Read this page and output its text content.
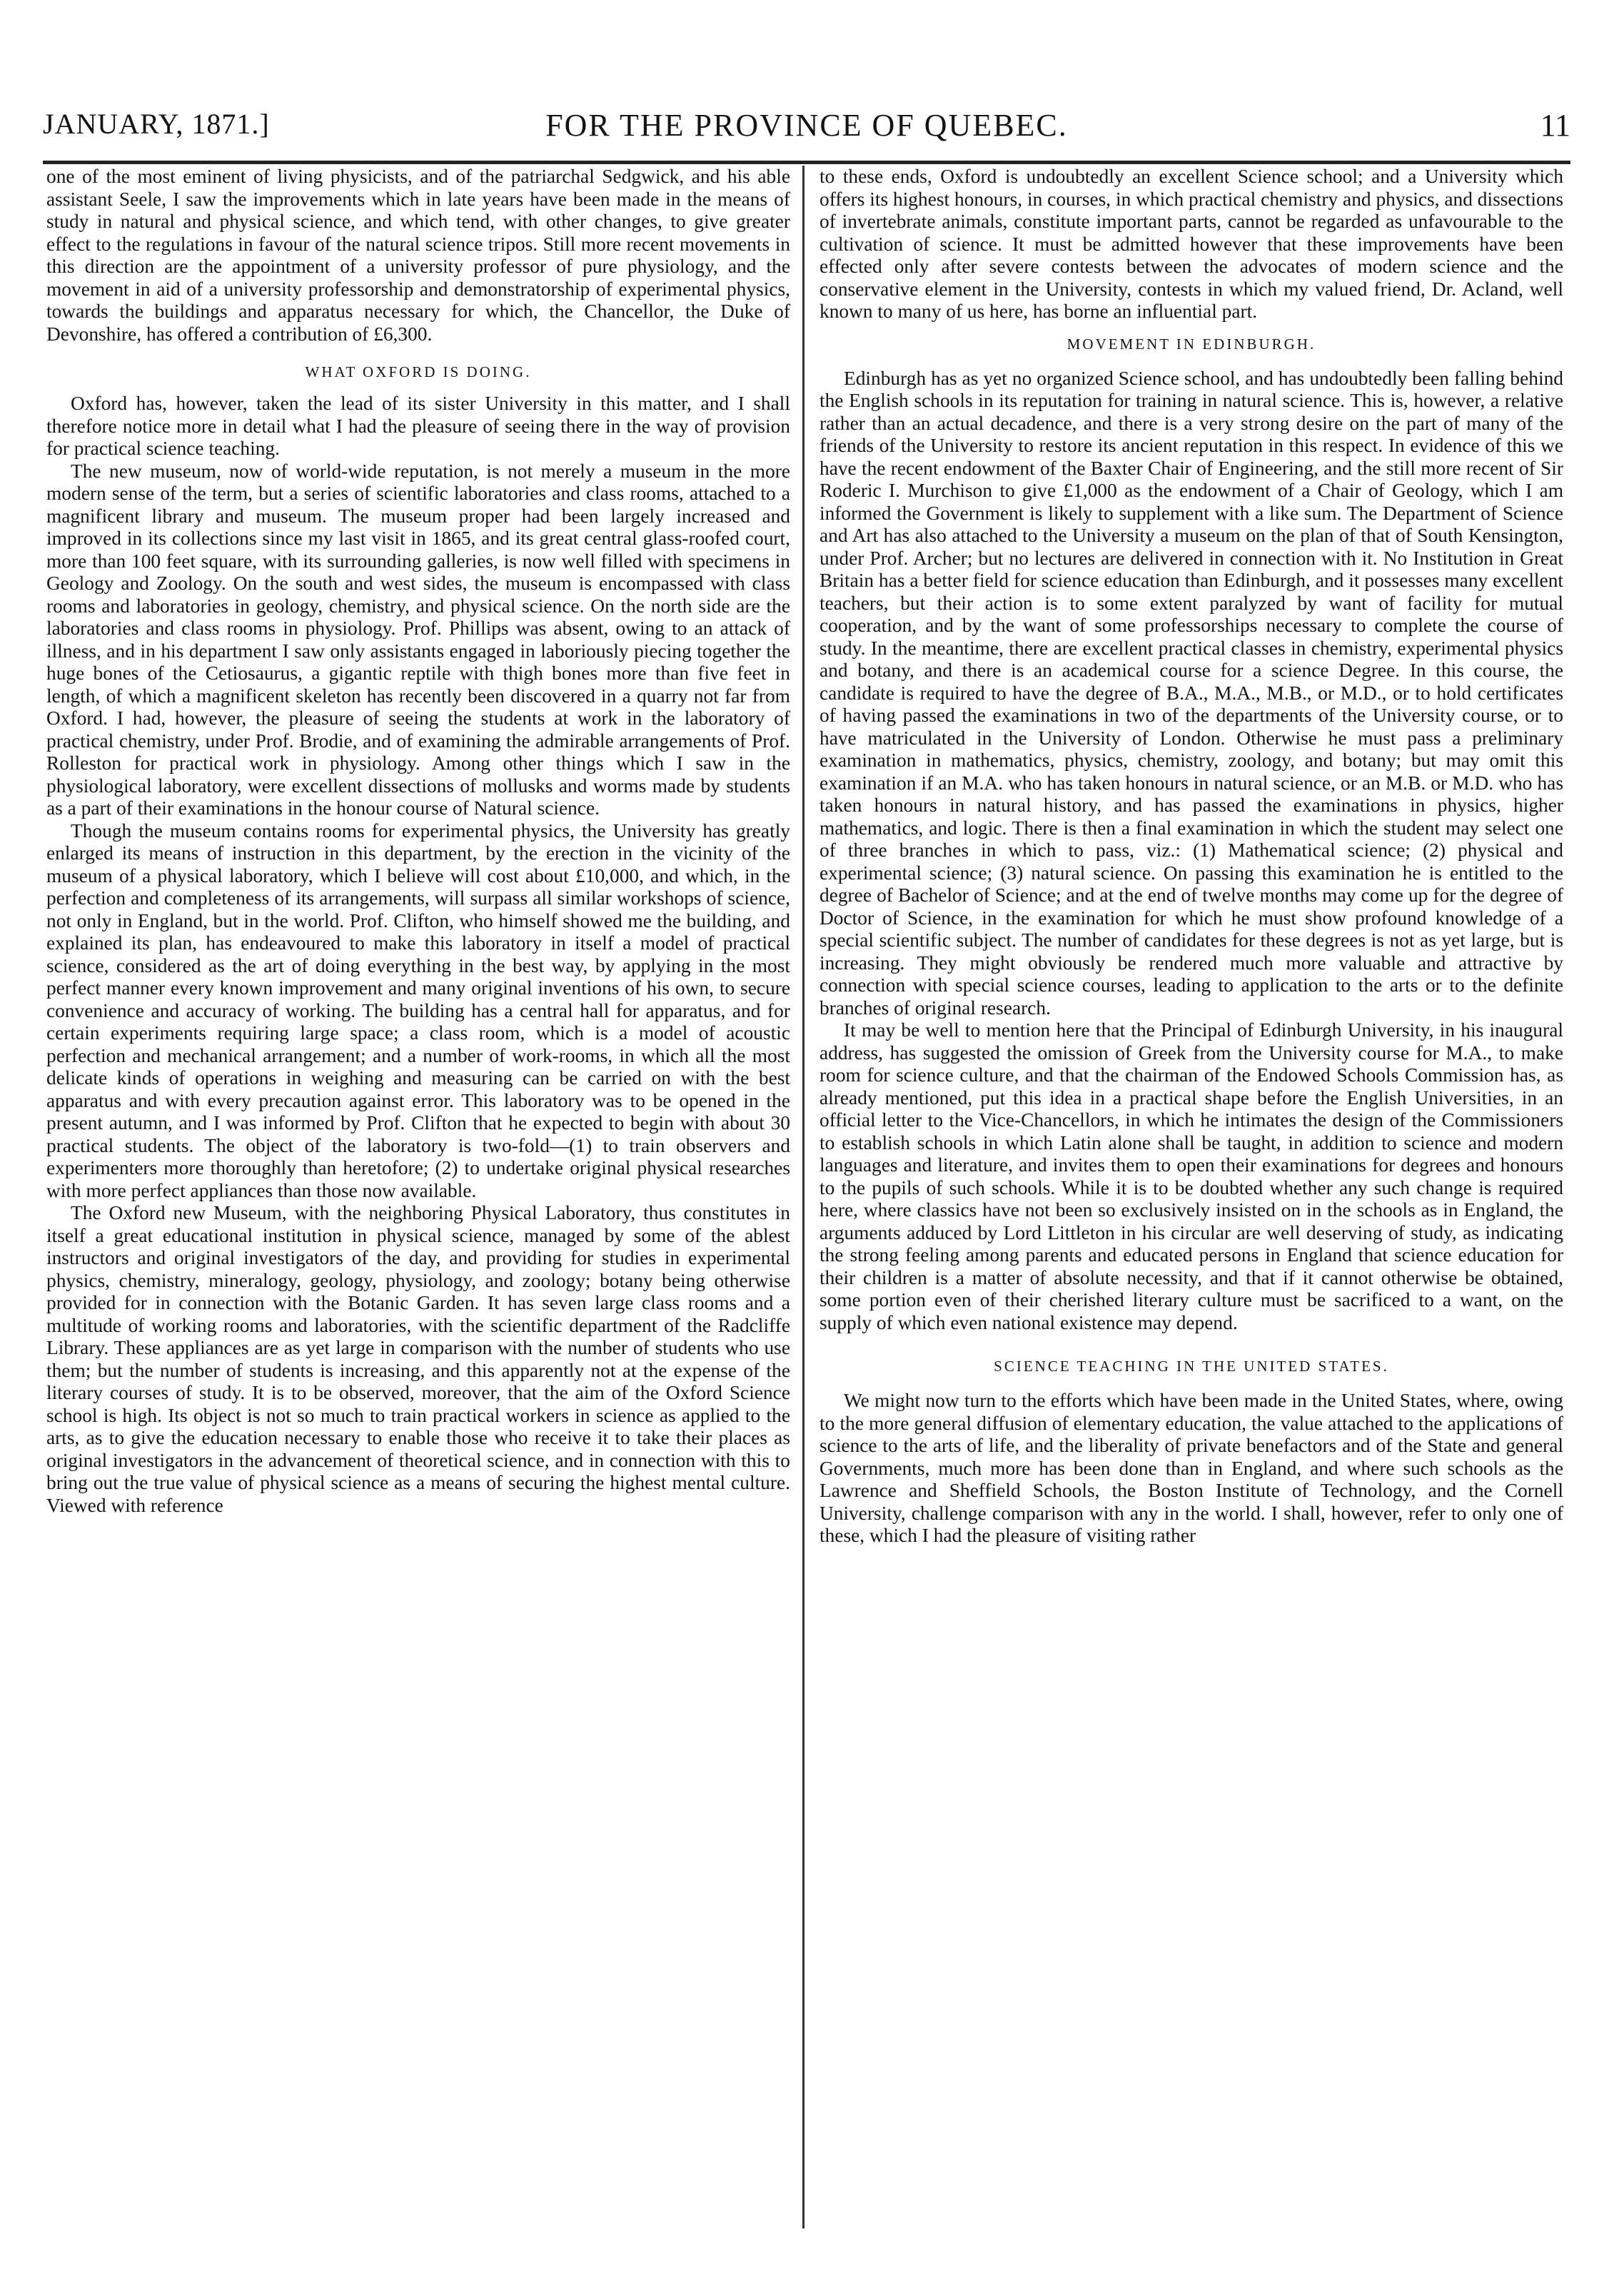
JANUARY, 1871.]	FOR THE PROVINCE OF QUEBEC.	11

one of the most eminent of living physicists, and of the patriarchal Sedgwick, and his able assistant Seele, I saw the improvements which in late years have been made in the means of study in natural and physical science, and which tend, with other changes, to give greater effect to the regulations in favour of the natural science tripos. Still more recent movements in this direction are the appointment of a university professor of pure physiology, and the movement in aid of a university professorship and demonstratorship of experimental physics, towards the buildings and apparatus necessary for which, the Chancellor, the Duke of Devonshire, has offered a contribution of £6,300.

WHAT OXFORD IS DOING.

Oxford has, however, taken the lead of its sister University in this matter, and I shall therefore notice more in detail what I had the pleasure of seeing there in the way of provision for practical science teaching.

The new museum, now of world-wide reputation, is not merely a museum in the more modern sense of the term, but a series of scientific laboratories and class rooms, attached to a magnificent library and museum. The museum proper had been largely increased and improved in its collections since my last visit in 1865, and its great central glass-roofed court, more than 100 feet square, with its surrounding galleries, is now well filled with specimens in Geology and Zoology. On the south and west sides, the museum is encompassed with class rooms and laboratories in geology, chemistry, and physical science. On the north side are the laboratories and class rooms in physiology. Prof. Phillips was absent, owing to an attack of illness, and in his department I saw only assistants engaged in laboriously piecing together the huge bones of the Cetiosaurus, a gigantic reptile with thigh bones more than five feet in length, of which a magnificent skeleton has recently been discovered in a quarry not far from Oxford. I had, however, the pleasure of seeing the students at work in the laboratory of practical chemistry, under Prof. Brodie, and of examining the admirable arrangements of Prof. Rolleston for practical work in physiology. Among other things which I saw in the physiological laboratory, were excellent dissections of mollusks and worms made by students as a part of their examinations in the honour course of Natural science.

Though the museum contains rooms for experimental physics, the University has greatly enlarged its means of instruction in this department, by the erection in the vicinity of the museum of a physical laboratory, which I believe will cost about £10,000, and which, in the perfection and completeness of its arrangements, will surpass all similar workshops of science, not only in England, but in the world. Prof. Clifton, who himself showed me the building, and explained its plan, has endeavoured to make this laboratory in itself a model of practical science, considered as the art of doing everything in the best way, by applying in the most perfect manner every known improvement and many original inventions of his own, to secure convenience and accuracy of working. The building has a central hall for apparatus, and for certain experiments requiring large space; a class room, which is a model of acoustic perfection and mechanical arrangement; and a number of work-rooms, in which all the most delicate kinds of operations in weighing and measuring can be carried on with the best apparatus and with every precaution against error. This laboratory was to be opened in the present autumn, and I was informed by Prof. Clifton that he expected to begin with about 30 practical students. The object of the laboratory is two-fold—(1) to train observers and experimenters more thoroughly than heretofore; (2) to undertake original physical researches with more perfect appliances than those now available.

The Oxford new Museum, with the neighboring Physical Laboratory, thus constitutes in itself a great educational institution in physical science, managed by some of the ablest instructors and original investigators of the day, and providing for studies in experimental physics, chemistry, mineralogy, geology, physiology, and zoology; botany being otherwise provided for in connection with the Botanic Garden. It has seven large class rooms and a multitude of working rooms and laboratories, with the scientific department of the Radcliffe Library. These appliances are as yet large in comparison with the number of students who use them; but the number of students is increasing, and this apparently not at the expense of the literary courses of study. It is to be observed, moreover, that the aim of the Oxford Science school is high. Its object is not so much to train practical workers in science as applied to the arts, as to give the education necessary to enable those who receive it to take their places as original investigators in the advancement of theoretical science, and in connection with this to bring out the true value of physical science as a means of securing the highest mental culture. Viewed with reference

to these ends, Oxford is undoubtedly an excellent Science school; and a University which offers its highest honours, in courses, in which practical chemistry and physics, and dissections of invertebrate animals, constitute important parts, cannot be regarded as unfavourable to the cultivation of science. It must be admitted however that these improvements have been effected only after severe contests between the advocates of modern science and the conservative element in the University, contests in which my valued friend, Dr. Acland, well known to many of us here, has borne an influential part.

MOVEMENT IN EDINBURGH.

Edinburgh has as yet no organized Science school, and has undoubtedly been falling behind the English schools in its reputation for training in natural science. This is, however, a relative rather than an actual decadence, and there is a very strong desire on the part of many of the friends of the University to restore its ancient reputation in this respect. In evidence of this we have the recent endowment of the Baxter Chair of Engineering, and the still more recent of Sir Roderic I. Murchison to give £1,000 as the endowment of a Chair of Geology, which I am informed the Government is likely to supplement with a like sum. The Department of Science and Art has also attached to the University a museum on the plan of that of South Kensington, under Prof. Archer; but no lectures are delivered in connection with it. No Institution in Great Britain has a better field for science education than Edinburgh, and it possesses many excellent teachers, but their action is to some extent paralyzed by want of facility for mutual cooperation, and by the want of some professorships necessary to complete the course of study. In the meantime, there are excellent practical classes in chemistry, experimental physics and botany, and there is an academical course for a science Degree. In this course, the candidate is required to have the degree of B.A., M.A., M.B., or M.D., or to hold certificates of having passed the examinations in two of the departments of the University course, or to have matriculated in the University of London. Otherwise he must pass a preliminary examination in mathematics, physics, chemistry, zoology, and botany; but may omit this examination if an M.A. who has taken honours in natural science, or an M.B. or M.D. who has taken honours in natural history, and has passed the examinations in physics, higher mathematics, and logic. There is then a final examination in which the student may select one of three branches in which to pass, viz.: (1) Mathematical science; (2) physical and experimental science; (3) natural science. On passing this examination he is entitled to the degree of Bachelor of Science; and at the end of twelve months may come up for the degree of Doctor of Science, in the examination for which he must show profound knowledge of a special scientific subject. The number of candidates for these degrees is not as yet large, but is increasing. They might obviously be rendered much more valuable and attractive by connection with special science courses, leading to application to the arts or to the definite branches of original research.

It may be well to mention here that the Principal of Edinburgh University, in his inaugural address, has suggested the omission of Greek from the University course for M.A., to make room for science culture, and that the chairman of the Endowed Schools Commission has, as already mentioned, put this idea in a practical shape before the English Universities, in an official letter to the Vice-Chancellors, in which he intimates the design of the Commissioners to establish schools in which Latin alone shall be taught, in addition to science and modern languages and literature, and invites them to open their examinations for degrees and honours to the pupils of such schools. While it is to be doubted whether any such change is required here, where classics have not been so exclusively insisted on in the schools as in England, the arguments adduced by Lord Littleton in his circular are well deserving of study, as indicating the strong feeling among parents and educated persons in England that science education for their children is a matter of absolute necessity, and that if it cannot otherwise be obtained, some portion even of their cherished literary culture must be sacrificed to a want, on the supply of which even national existence may depend.

SCIENCE TEACHING IN THE UNITED STATES.

We might now turn to the efforts which have been made in the United States, where, owing to the more general diffusion of elementary education, the value attached to the applications of science to the arts of life, and the liberality of private benefactors and of the State and general Governments, much more has been done than in England, and where such schools as the Lawrence and Sheffield Schools, the Boston Institute of Technology, and the Cornell University, challenge comparison with any in the world. I shall, however, refer to only one of these, which I had the pleasure of visiting rather
